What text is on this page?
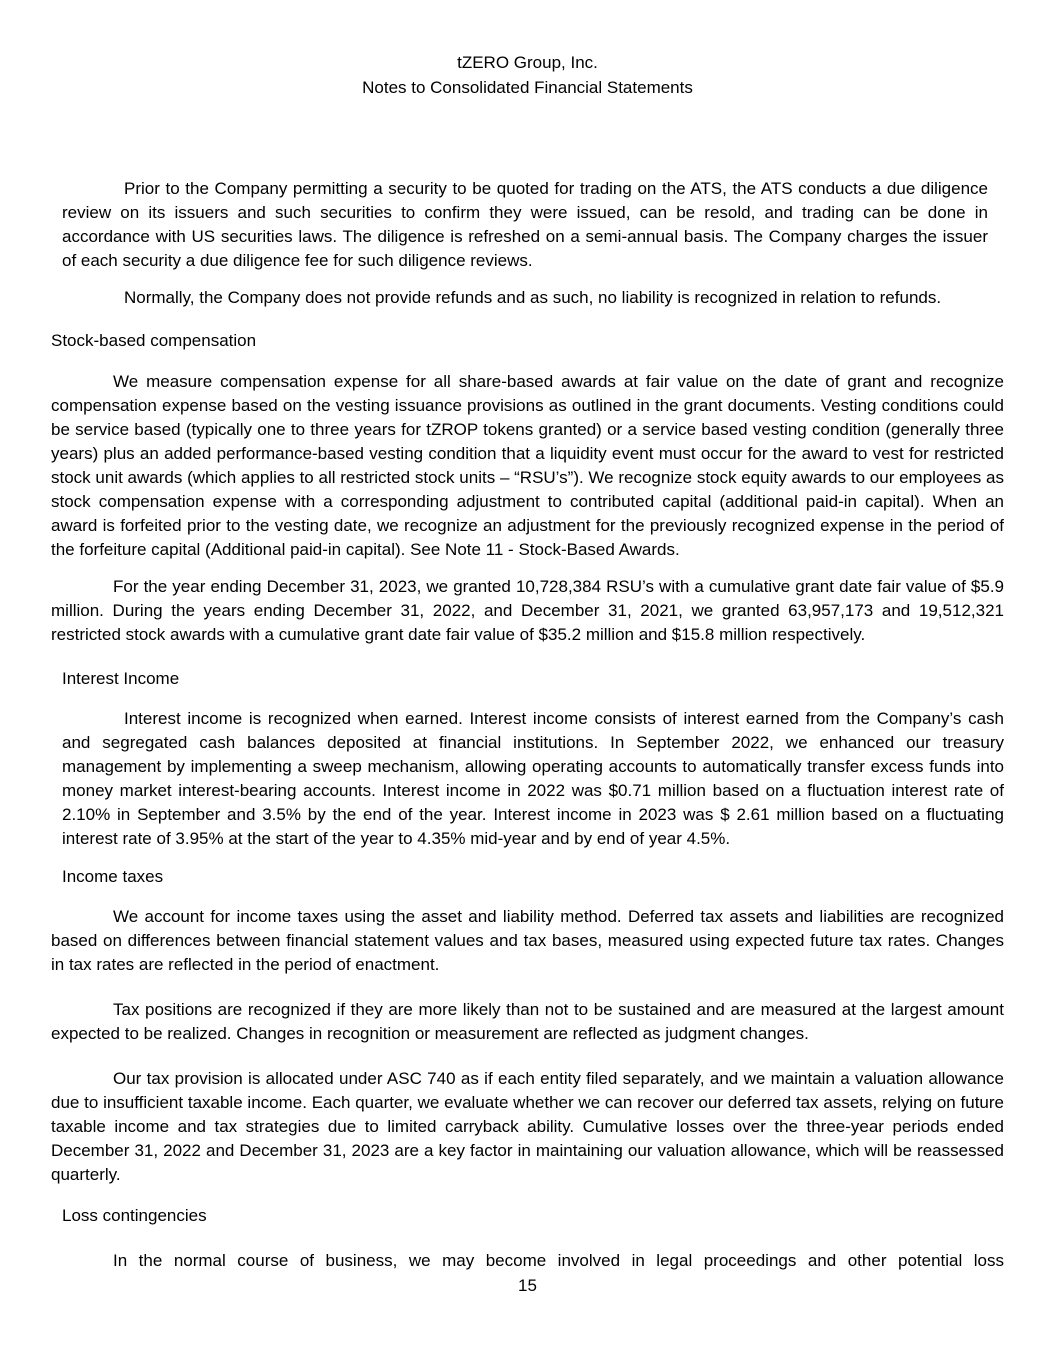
tZERO Group, Inc.
Notes to Consolidated Financial Statements

Prior to the Company permitting a security to be quoted for trading on the ATS, the ATS conducts a due diligence review on its issuers and such securities to confirm they were issued, can be resold, and trading can be done in accordance with US securities laws. The diligence is refreshed on a semi-annual basis. The Company charges the issuer of each security a due diligence fee for such diligence reviews.

Normally, the Company does not provide refunds and as such, no liability is recognized in relation to refunds.

Stock-based compensation

We measure compensation expense for all share-based awards at fair value on the date of grant and recognize compensation expense based on the vesting issuance provisions as outlined in the grant documents. Vesting conditions could be service based (typically one to three years for tZROP tokens granted) or a service based vesting condition (generally three years) plus an added performance-based vesting condition that a liquidity event must occur for the award to vest for restricted stock unit awards (which applies to all restricted stock units – “RSU’s”). We recognize stock equity awards to our employees as stock compensation expense with a corresponding adjustment to contributed capital (additional paid-in capital). When an award is forfeited prior to the vesting date, we recognize an adjustment for the previously recognized expense in the period of the forfeiture capital (Additional paid-in capital). See Note 11 - Stock-Based Awards.

For the year ending December 31, 2023, we granted 10,728,384 RSU’s with a cumulative grant date fair value of $5.9 million. During the years ending December 31, 2022, and December 31, 2021, we granted 63,957,173 and 19,512,321 restricted stock awards with a cumulative grant date fair value of $35.2 million and $15.8 million respectively.

Interest Income

Interest income is recognized when earned. Interest income consists of interest earned from the Company’s cash and segregated cash balances deposited at financial institutions. In September 2022, we enhanced our treasury management by implementing a sweep mechanism, allowing operating accounts to automatically transfer excess funds into money market interest-bearing accounts. Interest income in 2022 was $0.71 million based on a fluctuation interest rate of 2.10% in September and 3.5% by the end of the year. Interest income in 2023 was $ 2.61 million based on a fluctuating interest rate of 3.95% at the start of the year to 4.35% mid-year and by end of year 4.5%.

Income taxes

We account for income taxes using the asset and liability method. Deferred tax assets and liabilities are recognized based on differences between financial statement values and tax bases, measured using expected future tax rates. Changes in tax rates are reflected in the period of enactment.

Tax positions are recognized if they are more likely than not to be sustained and are measured at the largest amount expected to be realized. Changes in recognition or measurement are reflected as judgment changes.

Our tax provision is allocated under ASC 740 as if each entity filed separately, and we maintain a valuation allowance due to insufficient taxable income. Each quarter, we evaluate whether we can recover our deferred tax assets, relying on future taxable income and tax strategies due to limited carryback ability. Cumulative losses over the three-year periods ended December 31, 2022 and December 31, 2023 are a key factor in maintaining our valuation allowance, which will be reassessed quarterly.

Loss contingencies

In the normal course of business, we may become involved in legal proceedings and other potential loss

15
